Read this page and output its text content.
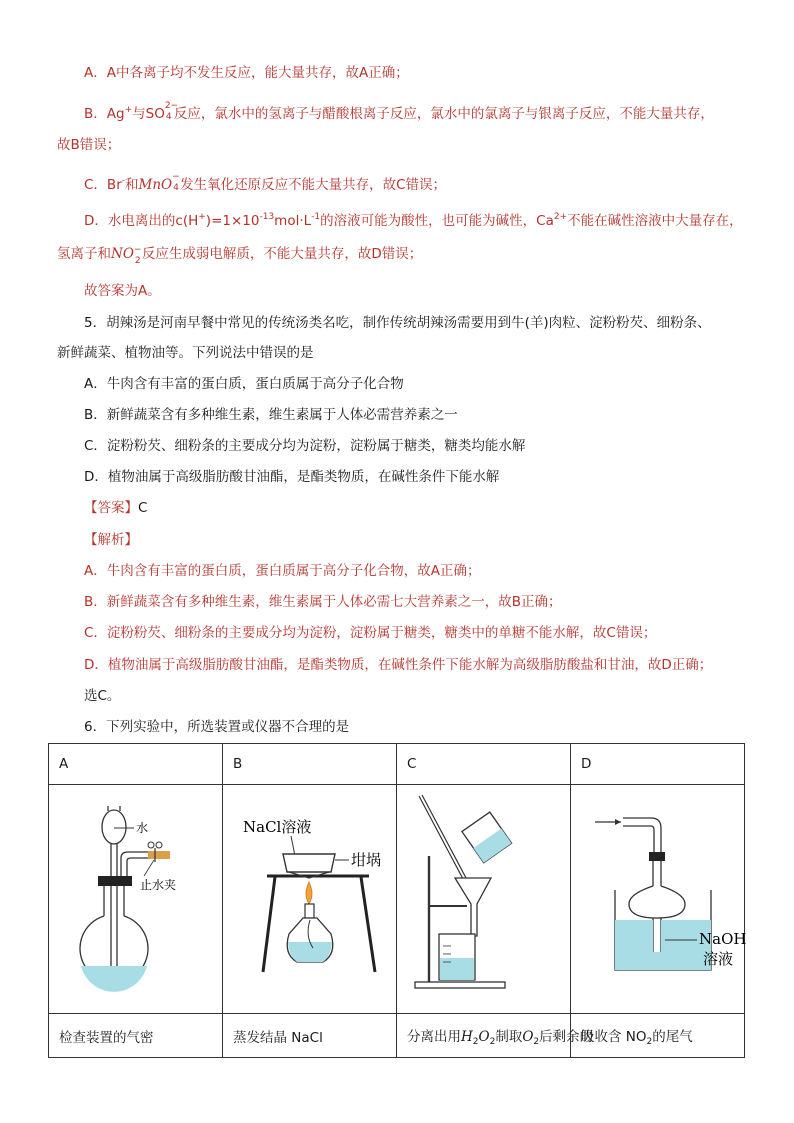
A．A中各离子均不发生反应，能大量共存，故A正确；
B．Ag+与SO 2−
4 反应，氯水中的氢离子与醋酸根离子反应，氯水中的氯离子与银离子反应，不能大量共存，
故B错误；
C．Br-和MnO −
4 发生氧化还原反应不能大量共存，故C错误；
D．水电离出的$c(H^+)=1\times 10^{-13}mol\cdot L^{-1}$的溶液可能为酸性，也可能为碱性，$Ca^{2+}$不能在碱性溶液中大量存在，
氢离子和NO −
2 反应生成弱电解质，不能大量共存，故D错误；
故答案为A。
5．胡辣汤是河南早餐中常见的传统汤类名吃，制作传统胡辣汤需要用到牛(羊)肉粒、淀粉粉芡、细粉条、
新鲜蔬菜、植物油等。下列说法中错误的是
A．牛肉含有丰富的蛋白质，蛋白质属于高分子化合物
B．新鲜蔬菜含有多种维生素，维生素属于人体必需营养素之一
C．淀粉粉芡、细粉条的主要成分均为淀粉，淀粉属于糖类，糖类均能水解
D．植物油属于高级脂肪酸甘油酯，是酯类物质，在碱性条件下能水解
【答案】C
【解析】
A．牛肉含有丰富的蛋白质，蛋白质属于高分子化合物，故A正确；
B．新鲜蔬菜含有多种维生素，维生素属于人体必需七大营养素之一，故B正确；
C．淀粉粉芡、细粉条的主要成分均为淀粉，淀粉属于糖类，糖类中的单糖不能水解，故C错误；
D．植物油属于高级脂肪酸甘油酯，是酯类物质，在碱性条件下能水解为高级脂肪酸盐和甘油，故D正确；
选C。
6．下列实验中，所选装置或仪器不合理的是
A	B	C	D

水
止水夹	NaCl溶液
坩埚		NaOH
溶液

检查装置的气密	蒸发结晶 NaCl	分离出用$H_2O_2$制取$O_2$后剩余的	吸收含 $NO_2$的尾气
